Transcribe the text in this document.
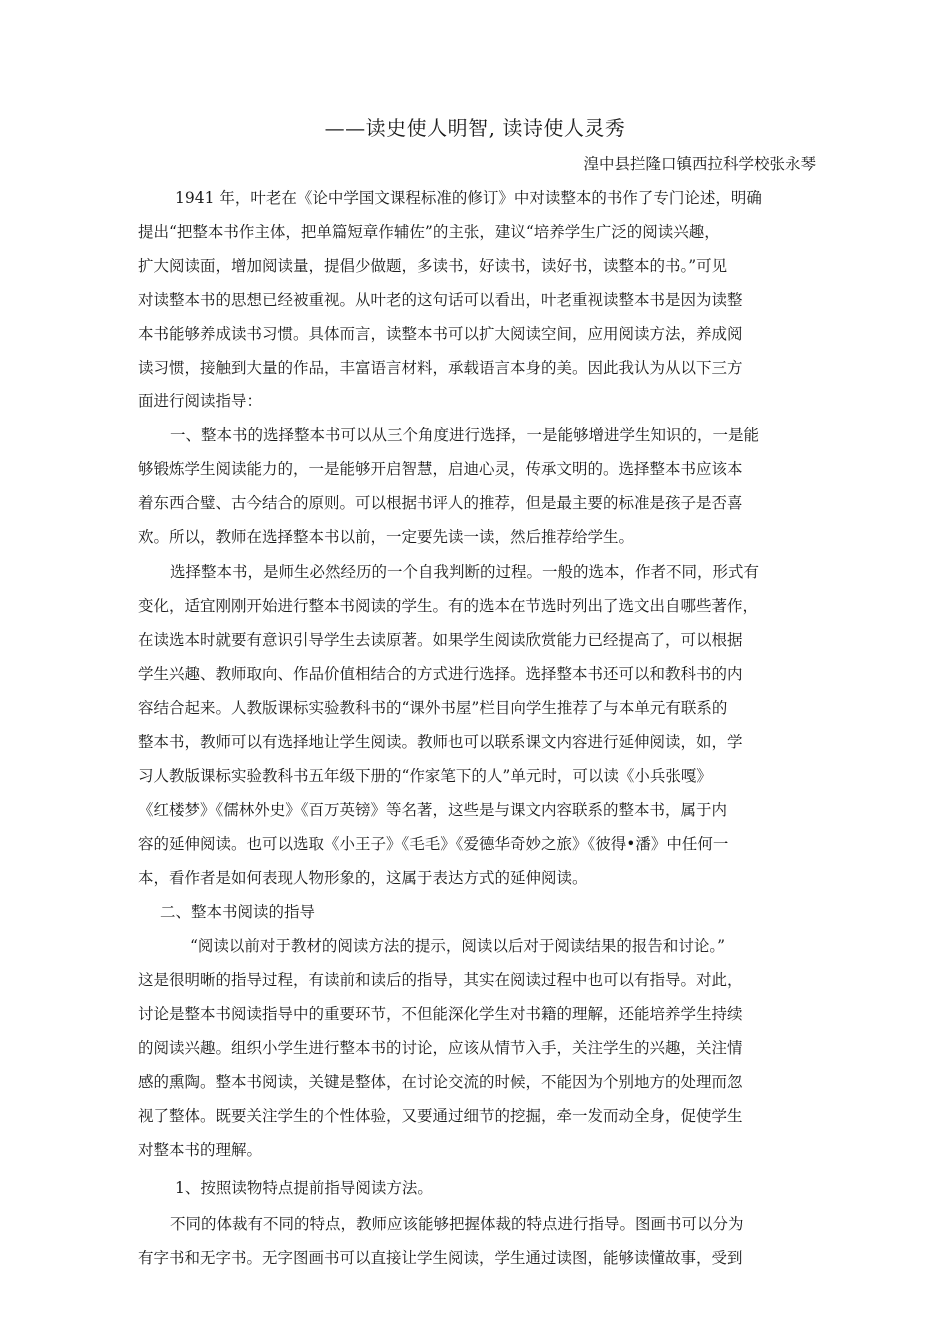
——读史使人明智, 读诗使人灵秀
湟中县拦隆口镇西拉科学校张永琴
1941 年，叶老在《论中学国文课程标准的修订》中对读整本的书作了专门论述，明确
提出“把整本书作主体，把单篇短章作辅佐”的主张，建议“培养学生广泛的阅读兴趣，
扩大阅读面，增加阅读量，提倡少做题，多读书，好读书，读好书，读整本的书。”可见
对读整本书的思想已经被重视。从叶老的这句话可以看出，叶老重视读整本书是因为读整
本书能够养成读书习惯。具体而言，读整本书可以扩大阅读空间，应用阅读方法，养成阅
读习惯，接触到大量的作品，丰富语言材料，承载语言本身的美。因此我认为从以下三方
面进行阅读指导：
一、整本书的选择整本书可以从三个角度进行选择，一是能够增进学生知识的，一是能
够锻炼学生阅读能力的，一是能够开启智慧，启迪心灵，传承文明的。选择整本书应该本
着东西合璧、古今结合的原则。可以根据书评人的推荐，但是最主要的标准是孩子是否喜
欢。所以，教师在选择整本书以前，一定要先读一读，然后推荐给学生。
选择整本书，是师生必然经历的一个自我判断的过程。一般的选本，作者不同，形式有
变化，适宜刚刚开始进行整本书阅读的学生。有的选本在节选时列出了选文出自哪些著作，
在读选本时就要有意识引导学生去读原著。如果学生阅读欣赏能力已经提高了，可以根据
学生兴趣、教师取向、作品价值相结合的方式进行选择。选择整本书还可以和教科书的内
容结合起来。人教版课标实验教科书的“课外书屋”栏目向学生推荐了与本单元有联系的
整本书，教师可以有选择地让学生阅读。教师也可以联系课文内容进行延伸阅读，如，学
习人教版课标实验教科书五年级下册的“作家笔下的人”单元时，可以读《小兵张嘎》
《红楼梦》《儒林外史》《百万英镑》等名著，这些是与课文内容联系的整本书，属于内
容的延伸阅读。也可以选取《小王子》《毛毛》《爱德华奇妙之旅》《彼得•潘》中任何一
本，看作者是如何表现人物形象的，这属于表达方式的延伸阅读。
二、整本书阅读的指导
“阅读以前对于教材的阅读方法的提示，阅读以后对于阅读结果的报告和讨论。”
这是很明晰的指导过程，有读前和读后的指导，其实在阅读过程中也可以有指导。对此，
讨论是整本书阅读指导中的重要环节，不但能深化学生对书籍的理解，还能培养学生持续
的阅读兴趣。组织小学生进行整本书的讨论，应该从情节入手，关注学生的兴趣，关注情
感的熏陶。整本书阅读，关键是整体，在讨论交流的时候，不能因为个别地方的处理而忽
视了整体。既要关注学生的个性体验，又要通过细节的挖掘，牵一发而动全身，促使学生
对整本书的理解。
1、按照读物特点提前指导阅读方法。
不同的体裁有不同的特点，教师应该能够把握体裁的特点进行指导。图画书可以分为
有字书和无字书。无字图画书可以直接让学生阅读，学生通过读图，能够读懂故事，受到
